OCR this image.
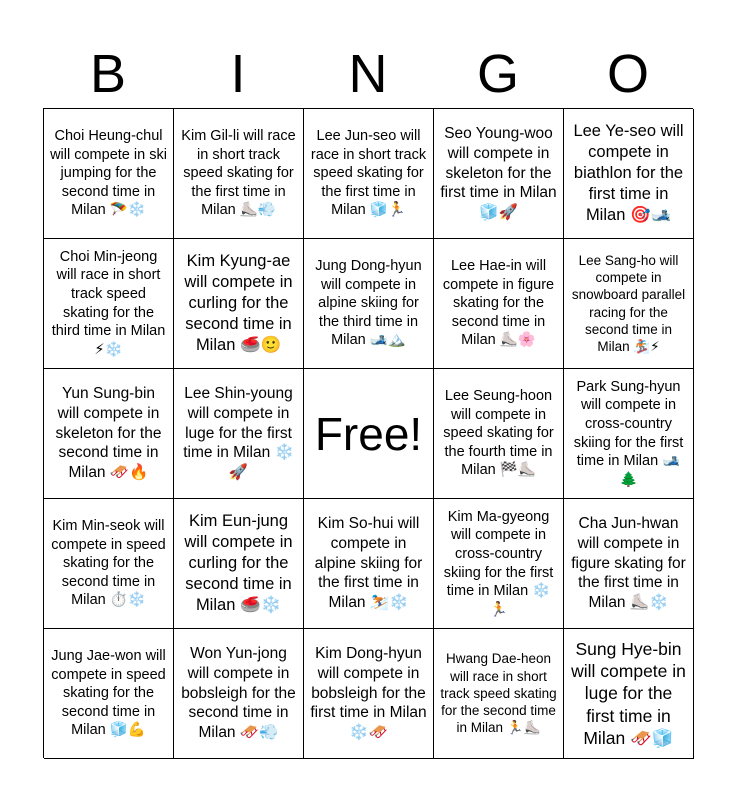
B	I	N	G	O
Choi Heung-chul will compete in ski jumping for the second time in Milan 🪂❄️
Kim Gil-li will race in short track speed skating for the first time in Milan ⛸️💨
Lee Jun-seo will race in short track speed skating for the first time in Milan 🧊🏃
Seo Young-woo will compete in skeleton for the first time in Milan 🧊🚀
Lee Ye-seo will compete in biathlon for the first time in Milan 🎯🎿
Choi Min-jeong will race in short track speed skating for the third time in Milan ⚡❄️
Kim Kyung-ae will compete in curling for the second time in Milan 🥌🙂
Jung Dong-hyun will compete in alpine skiing for the third time in Milan 🎿🏔️
Lee Hae-in will compete in figure skating for the second time in Milan ⛸️🌸
Lee Sang-ho will compete in snowboard parallel racing for the second time in Milan 🏂⚡
Yun Sung-bin will compete in skeleton for the second time in Milan 🛷🔥
Lee Shin-young will compete in luge for the first time in Milan ❄️🚀
Free!
Lee Seung-hoon will compete in speed skating for the fourth time in Milan 🏁⛸️
Park Sung-hyun will compete in cross-country skiing for the first time in Milan 🎿🌲
Kim Min-seok will compete in speed skating for the second time in Milan ⏱️❄️
Kim Eun-jung will compete in curling for the second time in Milan 🥌❄️
Kim So-hui will compete in alpine skiing for the first time in Milan ⛷️❄️
Kim Ma-gyeong will compete in cross-country skiing for the first time in Milan ❄️🏃
Cha Jun-hwan will compete in figure skating for the first time in Milan ⛸️❄️
Jung Jae-won will compete in speed skating for the second time in Milan 🧊💪
Won Yun-jong will compete in bobsleigh for the second time in Milan 🛷💨
Kim Dong-hyun will compete in bobsleigh for the first time in Milan ❄️🛷
Hwang Dae-heon will race in short track speed skating for the second time in Milan 🏃⛸️
Sung Hye-bin will compete in luge for the first time in Milan 🛷🧊
